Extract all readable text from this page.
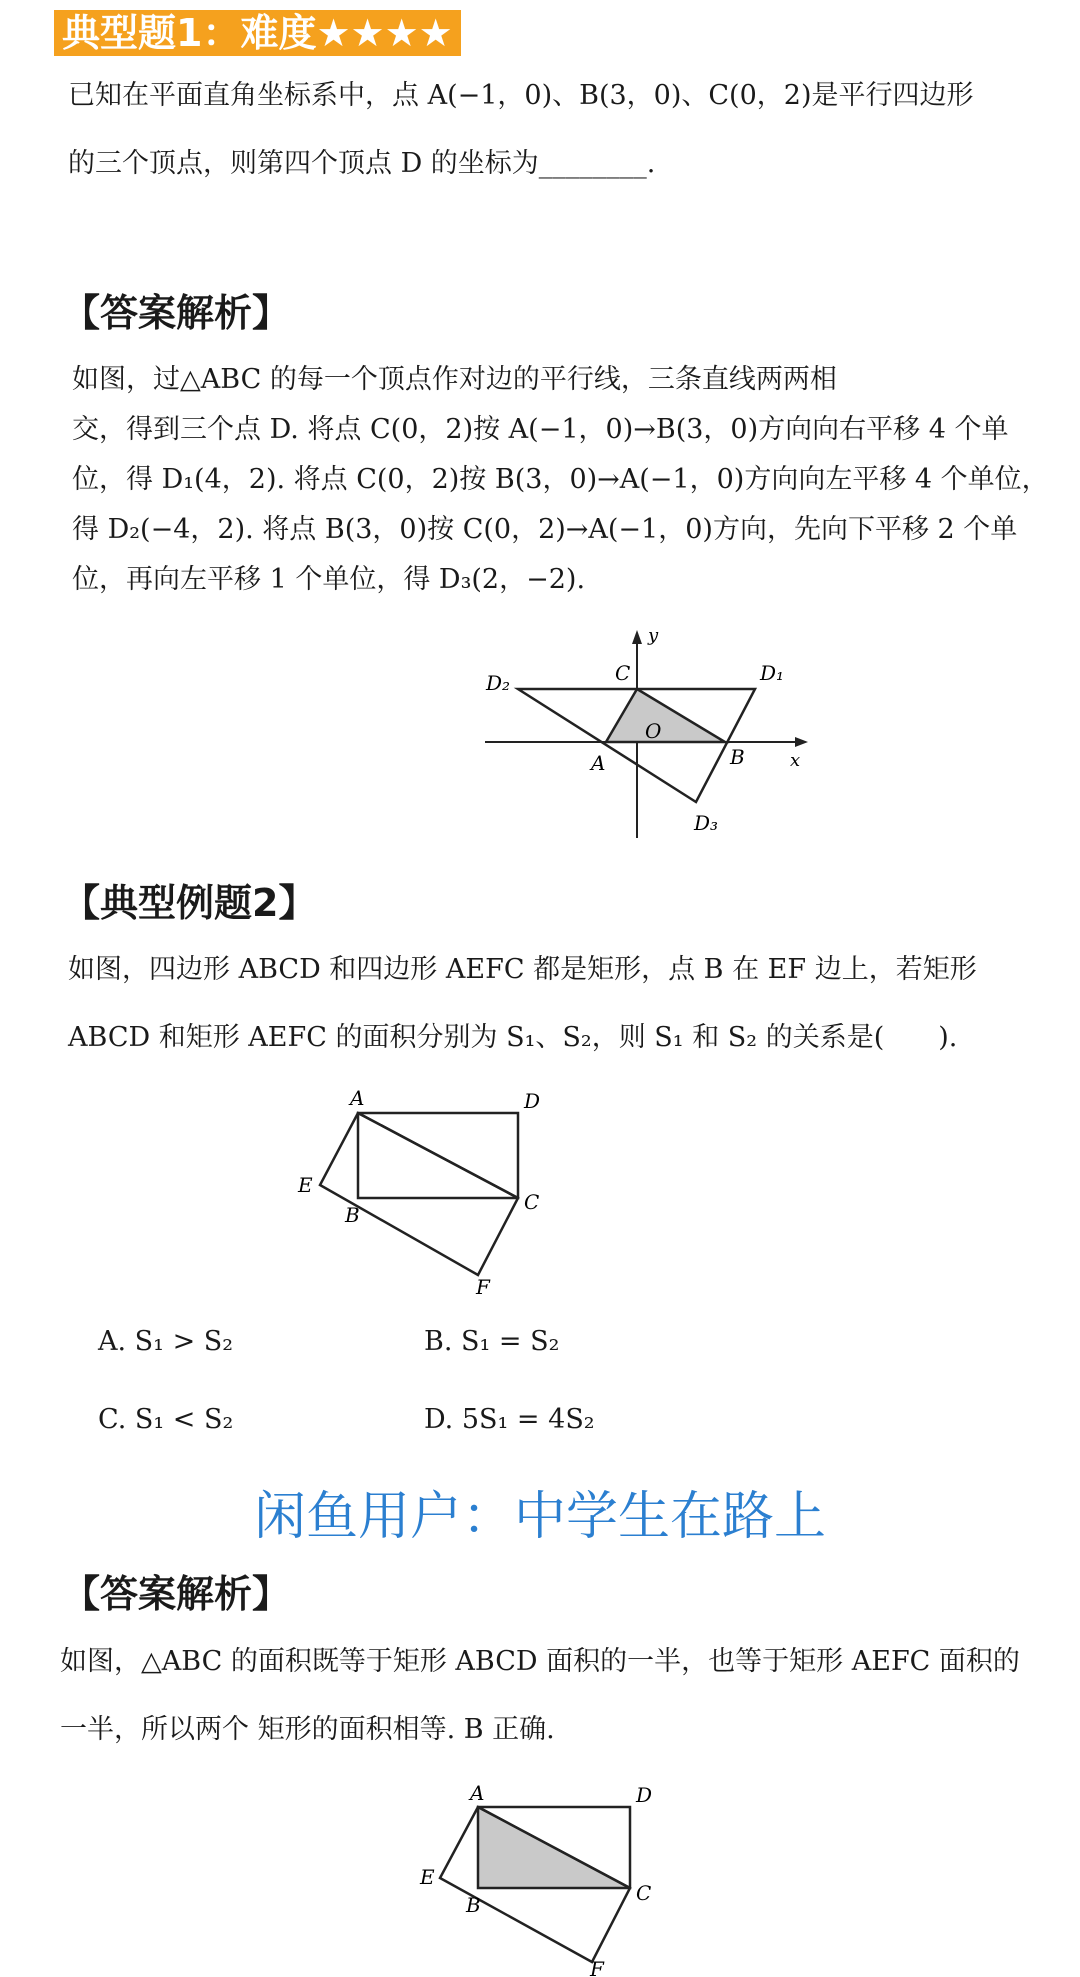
典型题1：难度★★★★
已知在平面直角坐标系中，点 A(−1，0)、B(3，0)、C(0，2)是平行四边形
的三个顶点，则第四个顶点 D 的坐标为________.
【答案解析】
如图，过△ABC 的每一个顶点作对边的平行线，三条直线两两相
交，得到三个点 D. 将点 C(0，2)按 A(−1，0)→B(3，0)方向向右平移 4 个单
位，得 D₁(4，2). 将点 C(0，2)按 B(3，0)→A(−1，0)方向向左平移 4 个单位，
得 D₂(−4，2). 将点 B(3，0)按 C(0，2)→A(−1，0)方向，先向下平移 2 个单
位，再向左平移 1 个单位，得 D₃(2，−2).
D₂	C	D₁
y
O
A	B	x
D₃
【典型例题2】
如图，四边形 ABCD 和四边形 AEFC 都是矩形，点 B 在 EF 边上，若矩形
ABCD 和矩形 AEFC 的面积分别为 S₁、S₂，则 S₁ 和 S₂ 的关系是(　　).
A	D
E
B
C
F
A. S₁ > S₂	B. S₁ = S₂
C. S₁ < S₂	D. 5S₁ = 4S₂
闲鱼用户：中学生在路上
【答案解析】
如图，△ABC 的面积既等于矩形 ABCD 面积的一半，也等于矩形 AEFC 面积的
一半，所以两个 矩形的面积相等. B 正确.
A	D
E
B	C
F
